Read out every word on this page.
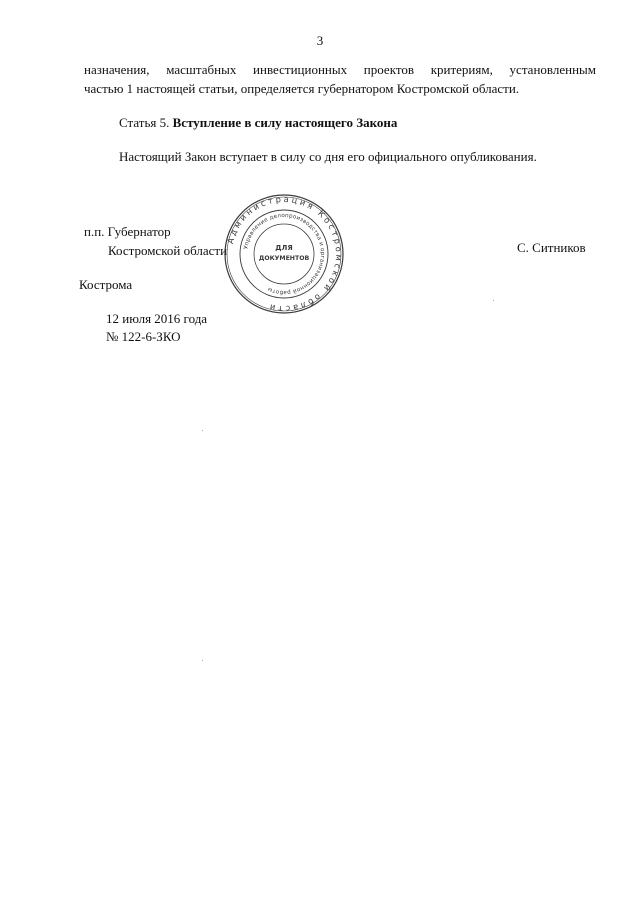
3
назначения, масштабных инвестиционных проектов критериям, установленным
частью 1 настоящей статьи, определяется губернатором Костромской области.
Статья 5. Вступление в силу настоящего Закона
Настоящий Закон вступает в силу со дня его официального опубликования.
п.п. Губернатор
Костромской области	С. Ситников
Администрация Костромской области
Управление делопроизводства и организационной работы
ДЛЯ
ДОКУМЕНТОВ
Кострома
12 июля 2016 года
№ 122-6-ЗКО
